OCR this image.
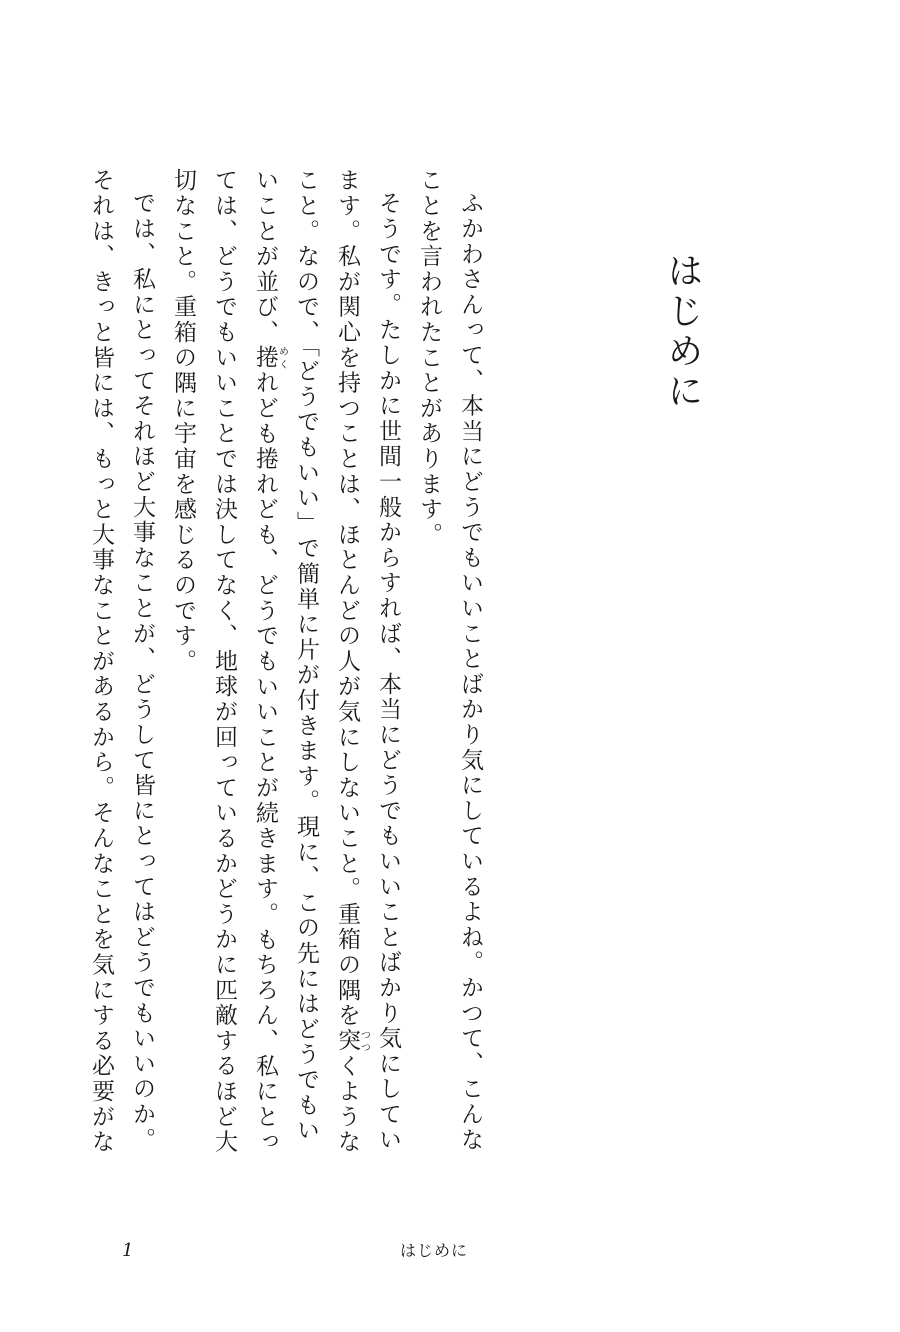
はじめに

ふかわさんって、本当にどうでもいいことばかり気にしているよね。かつて、こんなことを言われたことがあります。

そうです。たしかに世間一般からすれば、本当にどうでもいいことばかり気にしています。私が関心を持つことは、ほとんどの人が気にしないこと。重箱の隅を突つつくようなこと。なので、「どうでもいい」で簡単に片が付きます。現に、この先にはどうでもいいことが並び、捲めくれども捲れども、どうでもいいことが続きます。もちろん、私にとっては、どうでもいいことでは決してなく、地球が回っているかどうかに匹敵するほど大切なこと。重箱の隅に宇宙を感じるのです。

では、私にとってそれほど大事なことが、どうして皆にとってはどうでもいいのか。それは、きっと皆には、もっと大事なことがあるから。そんなことを気にする必要がな

1	はじめに
